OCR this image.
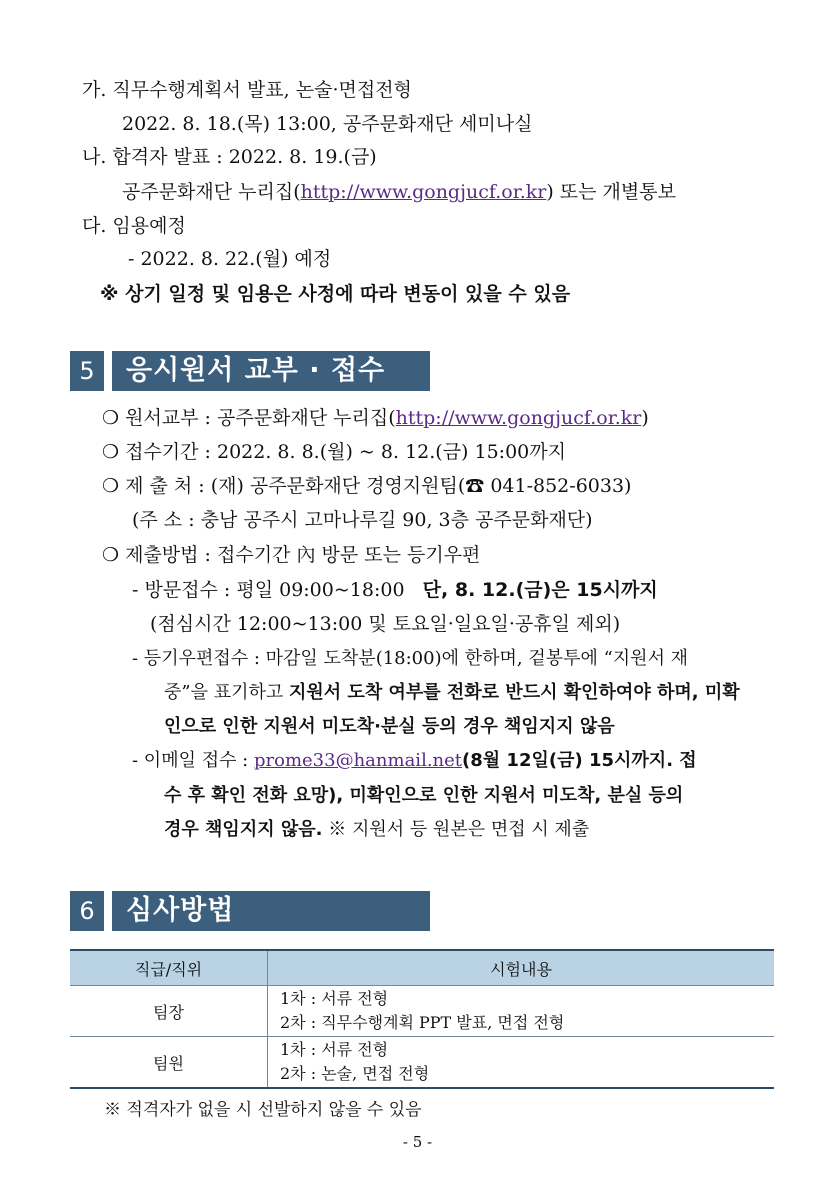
가. 직무수행계획서 발표, 논술·면접전형
2022. 8. 18.(목) 13:00, 공주문화재단 세미나실
나. 합격자 발표 : 2022. 8. 19.(금)
공주문화재단 누리집(http://www.gongjucf.or.kr) 또는 개별통보
다. 임용예정
- 2022. 8. 22.(월) 예정
※ 상기 일정 및 임용은 사정에 따라 변동이 있을 수 있음
5	응시원서 교부 · 접수
❍ 원서교부 : 공주문화재단 누리집(http://www.gongjucf.or.kr)
❍ 접수기간 : 2022. 8. 8.(월) ~ 8. 12.(금) 15:00까지
❍ 제 출 처 : (재) 공주문화재단 경영지원팀(☎ 041-852-6033)
(주 소 : 충남 공주시 고마나루길 90, 3층 공주문화재단)
❍ 제출방법 : 접수기간 內 방문 또는 등기우편
- 방문접수 : 평일 09:00~18:00 단, 8. 12.(금)은 15시까지
(점심시간 12:00~13:00 및 토요일·일요일·공휴일 제외)
- 등기우편접수 : 마감일 도착분(18:00)에 한하며, 겉봉투에 “지원서 재
중”을 표기하고 지원서 도착 여부를 전화로 반드시 확인하여야 하며, 미확
인으로 인한 지원서 미도착·분실 등의 경우 책임지지 않음
- 이메일 접수 : prome33@hanmail.net(8월 12일(금) 15시까지. 접
수 후 확인 전화 요망), 미확인으로 인한 지원서 미도착, 분실 등의
경우 책임지지 않음. ※ 지원서 등 원본은 면접 시 제출
6	심사방법
직급/직위	시험내용
팀장	1차 : 서류 전형
2차 : 직무수행계획 PPT 발표, 면접 전형

팀원	1차 : 서류 전형
2차 : 논술, 면접 전형
※ 적격자가 없을 시 선발하지 않을 수 있음
- 5 -
